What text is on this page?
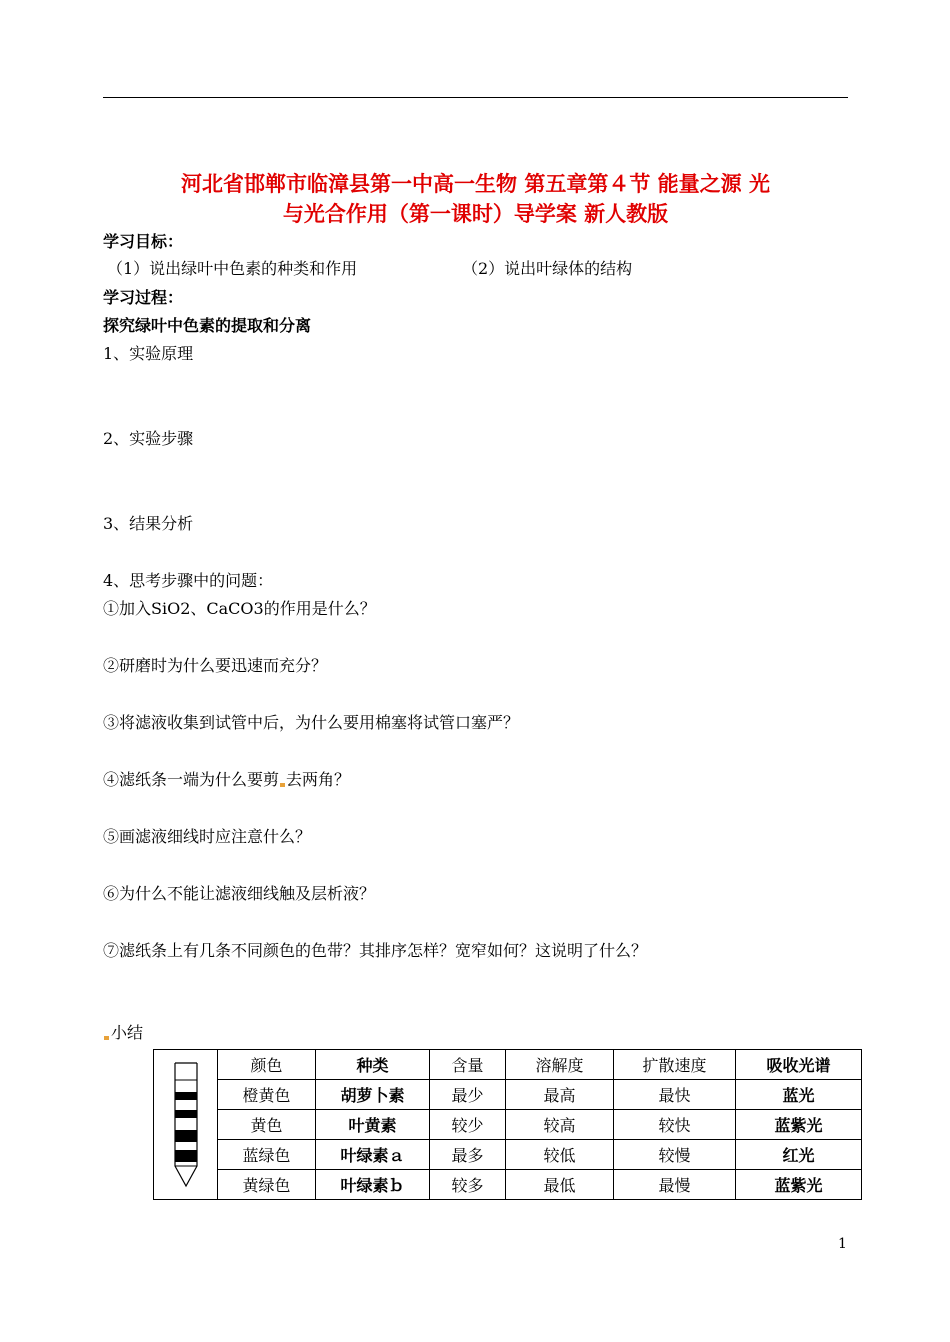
河北省邯郸市临漳县第一中高一生物 第五章第４节 能量之源 光
与光合作用（第一课时）导学案 新人教版
学习目标：
（1）说出绿叶中色素的种类和作用	（2）说出叶绿体的结构
学习过程：
探究绿叶中色素的提取和分离
1、实验原理
2、实验步骤
3、结果分析
4、思考步骤中的问题：
①加入SiO2、CaCO3的作用是什么？
②研磨时为什么要迅速而充分？
③将滤液收集到试管中后，为什么要用棉塞将试管口塞严？
④滤纸条一端为什么要剪 去两角？
⑤画滤液细线时应注意什么？
⑥为什么不能让滤液细线触及层析液？
⑦滤纸条上有几条不同颜色的色带？其排序怎样？宽窄如何？这说明了什么？
小结
	颜色	种类	含量	溶解度	扩散速度	吸收光谱
	橙黄色	胡萝卜素	最少	最高	最快	蓝光
	黄色	叶黄素	较少	较高	较快	蓝紫光
	蓝绿色	叶绿素ａ	最多	较低	较慢	红光
	黄绿色	叶绿素ｂ	较多	最低	最慢	蓝紫光
1
